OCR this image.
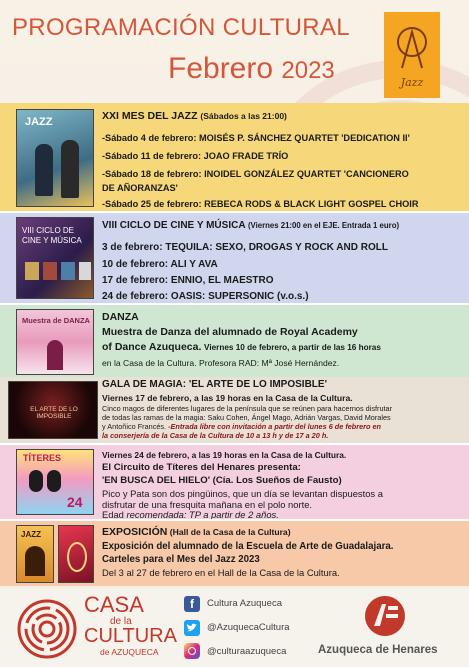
PROGRAMACIÓN CULTURAL
Febrero 2023	Jazz
JAZZ	XXI MES DEL JAZZ (Sábados a las 21:00)
-Sábado 4 de febrero: MOISÉS P. SÁNCHEZ QUARTET 'DEDICATION II'
-Sábado 11 de febrero: JOAO FRADE TRÍO
-Sábado 18 de febrero: INOIDEL GONZÁLEZ QUARTET 'CANCIONERO
DE AÑORANZAS'
-Sábado 25 de febrero: REBECA RODS & BLACK LIGHT GOSPEL CHOIR
VIII CICLO DE CINE Y MÚSICA
VIII CICLO DE CINE Y MÚSICA (Viernes 21:00 en el EJE. Entrada 1 euro)
3 de febrero: TEQUILA: SEXO, DROGAS Y ROCK AND ROLL
10 de febrero: ALI Y AVA
17 de febrero: ENNIO, EL MAESTRO
24 de febrero: OASIS: SUPERSONIC (v.o.s.)
Muestra de DANZA DANZA
Muestra de Danza del alumnado de Royal Academy
of Dance Azuqueca. Viernes 10 de febrero, a partir de las 16 horas
en la Casa de la Cultura. Profesora RAD: Mª José Hernández.
EL ARTE DE LO IMPOSIBLE
GALA DE MAGIA: 'EL ARTE DE LO IMPOSIBLE'
Viernes 17 de febrero, a las 19 horas en la Casa de la Cultura.
Cinco magos de diferentes lugares de la península que se reúnen para hacernos disfrutar
de todas las ramas de la magia: Saku Cohen, Ángel Mago, Adrián Vargas, David Morales
y Antoñico Francés. -Entrada libre con invitación a partir del lunes 6 de febrero en
la conserjería de la Casa de la Cultura de 10 a 13 h y de 17 a 20 h.
TÍTERES
24
Viernes 24 de febrero, a las 19 horas en la Casa de la Cultura.
El Circuito de Títeres del Henares presenta:
'EN BUSCA DEL HIELO' (Cía. Los Sueños de Fausto)
Pico y Pata son dos pingüinos, que un día se levantan dispuestos a
disfrutar de una fresquita mañana en el polo norte.
Edad recomendada: TP a partir de 2 años.
JAZZ	EXPOSICIÓN (Hall de la Casa de la Cultura)
Exposición del alumnado de la Escuela de Arte de Guadalajara.
Carteles para el Mes del Jazz 2023
Del 3 al 27 de febrero en el Hall de la Casa de la Cultura.
CASA
de la
CULTURA
de AZUQUECA
f	Cultura Azuqueca
@AzuquecaCultura
@culturaazuqueca	Azuqueca de Henares
